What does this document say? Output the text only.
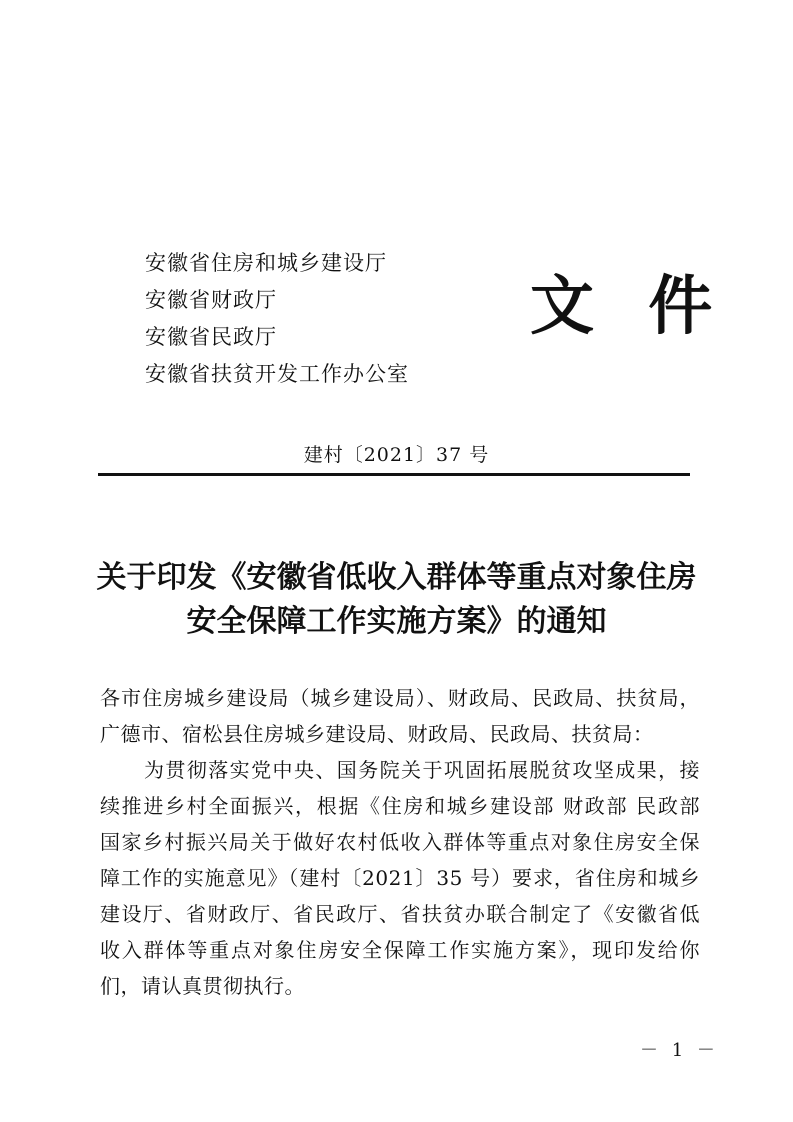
安徽省住房和城乡建设厅
安徽省财政厅
安徽省民政厅
安徽省扶贫开发工作办公室
文 件
建村〔2021〕37 号
关于印发《安徽省低收入群体等重点对象住房
安全保障工作实施方案》的通知
各市住房城乡建设局（城乡建设局）、财政局、民政局、扶贫局，
广德市、宿松县住房城乡建设局、财政局、民政局、扶贫局：
为贯彻落实党中央、国务院关于巩固拓展脱贫攻坚成果，接
续推进乡村全面振兴，根据《住房和城乡建设部 财政部 民政部
国家乡村振兴局关于做好农村低收入群体等重点对象住房安全保
障工作的实施意见》（建村〔2021〕35 号）要求，省住房和城乡
建设厅、省财政厅、省民政厅、省扶贫办联合制定了《安徽省低
收入群体等重点对象住房安全保障工作实施方案》，现印发给你
们，请认真贯彻执行。
－ 1 －
